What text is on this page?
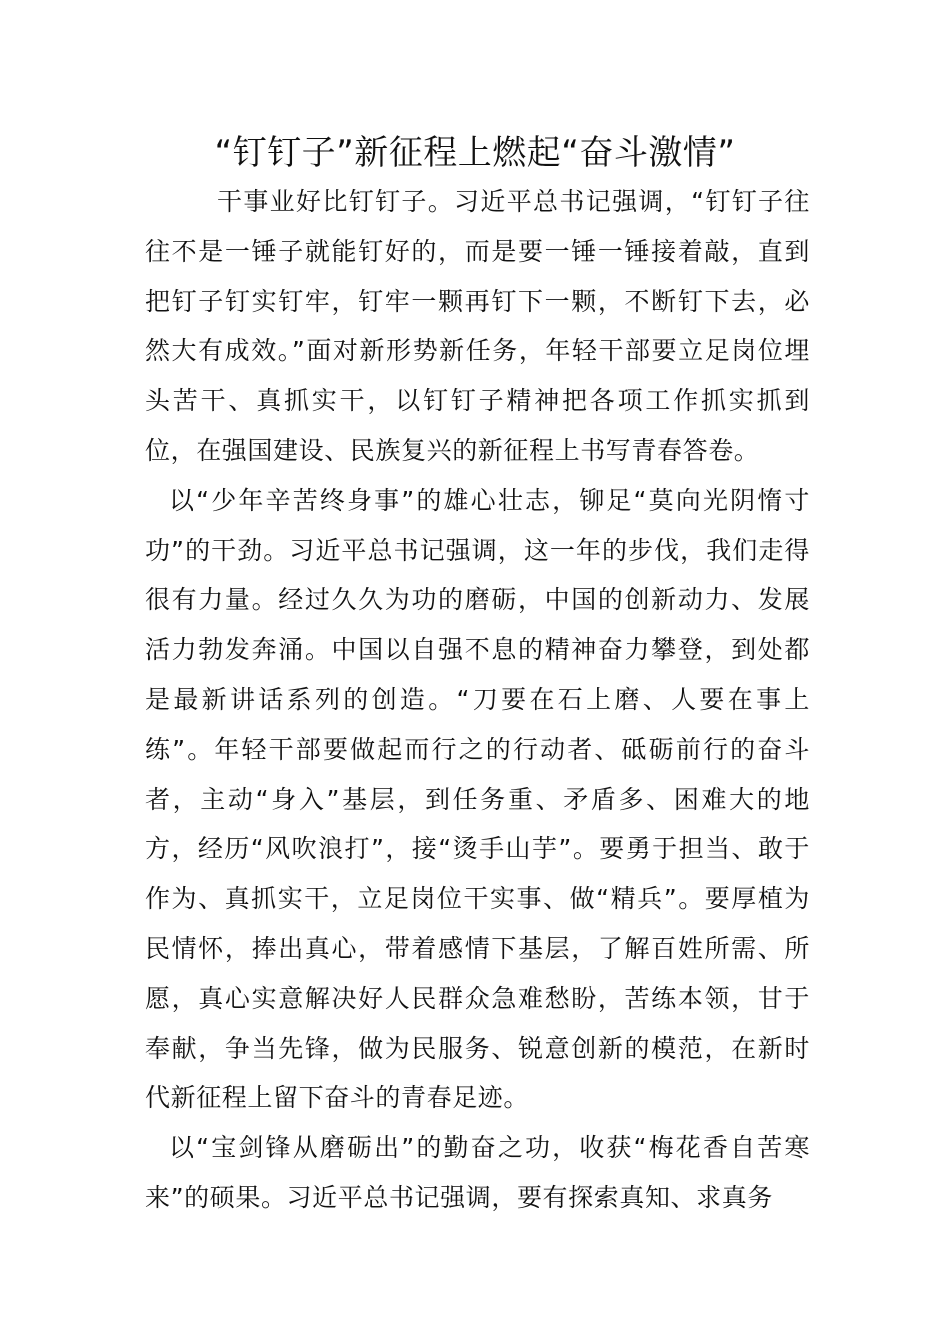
“钉钉子”新征程上燃起“奋斗激情”

干事业好比钉钉子。习近平总书记强调，“钉钉子往往不是一锤子就能钉好的，而是要一锤一锤接着敲，直到把钉子钉实钉牢，钉牢一颗再钉下一颗，不断钉下去，必然大有成效。”面对新形势新任务，年轻干部要立足岗位埋头苦干、真抓实干，以钉钉子精神把各项工作抓实抓到位，在强国建设、民族复兴的新征程上书写青春答卷。

以“少年辛苦终身事”的雄心壮志，铆足“莫向光阴惰寸功”的干劲。习近平总书记强调，这一年的步伐，我们走得很有力量。经过久久为功的磨砺，中国的创新动力、发展活力勃发奔涌。中国以自强不息的精神奋力攀登，到处都是最新讲话系列的创造。“刀要在石上磨、人要在事上练”。年轻干部要做起而行之的行动者、砥砺前行的奋斗者，主动“身入”基层，到任务重、矛盾多、困难大的地方，经历“风吹浪打”，接“烫手山芋”。要勇于担当、敢于作为、真抓实干，立足岗位干实事、做“精兵”。要厚植为民情怀，捧出真心，带着感情下基层，了解百姓所需、所愿，真心实意解决好人民群众急难愁盼，苦练本领，甘于奉献，争当先锋，做为民服务、锐意创新的模范，在新时代新征程上留下奋斗的青春足迹。

以“宝剑锋从磨砺出”的勤奋之功，收获“梅花香自苦寒来”的硕果。习近平总书记强调，要有探索真知、求真务
